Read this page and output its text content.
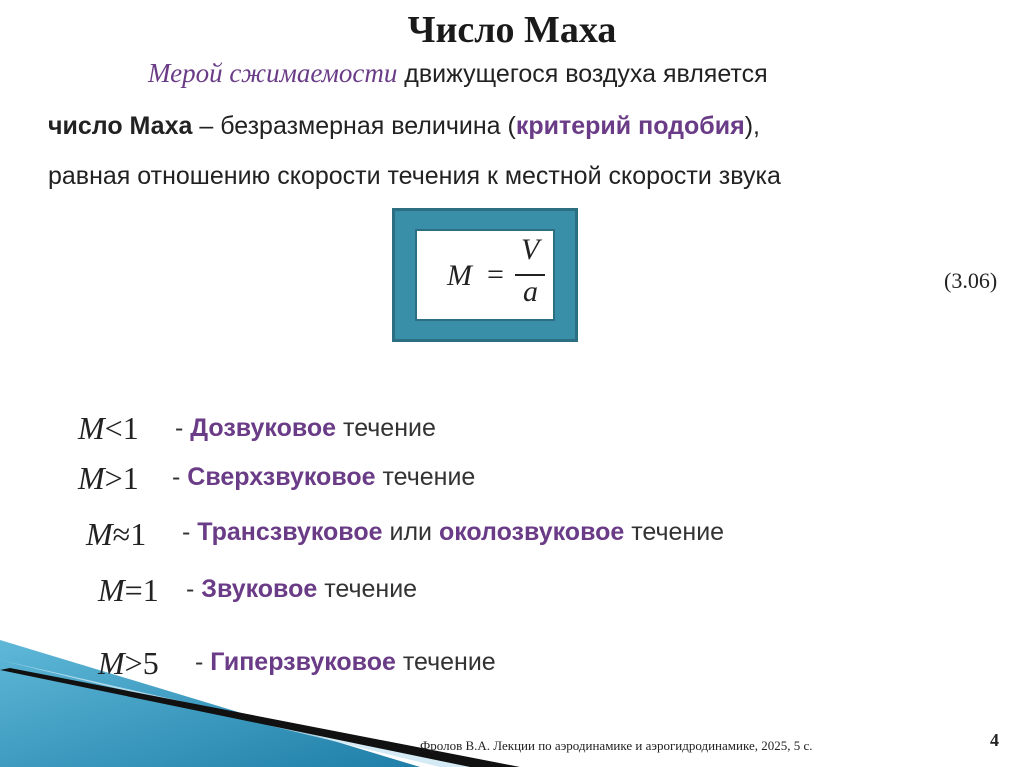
Число Маха
Мерой сжимаемости движущегося воздуха является
число Маха – безразмерная величина (критерий подобия),
равная отношению скорости течения к местной скорости звука
M =
V
a	(3.06)
M<1 - Дозвуковое течение
M>1 - Сверхзвуковое течение
M≈1 - Трансзвуковое или околозвуковое течение
M=1 - Звуковое течение
M>5 - Гиперзвуковое течение
Фролов В.А. Лекции по аэродинамике и аэрогидродинамике, 2025, 5 с.	4
